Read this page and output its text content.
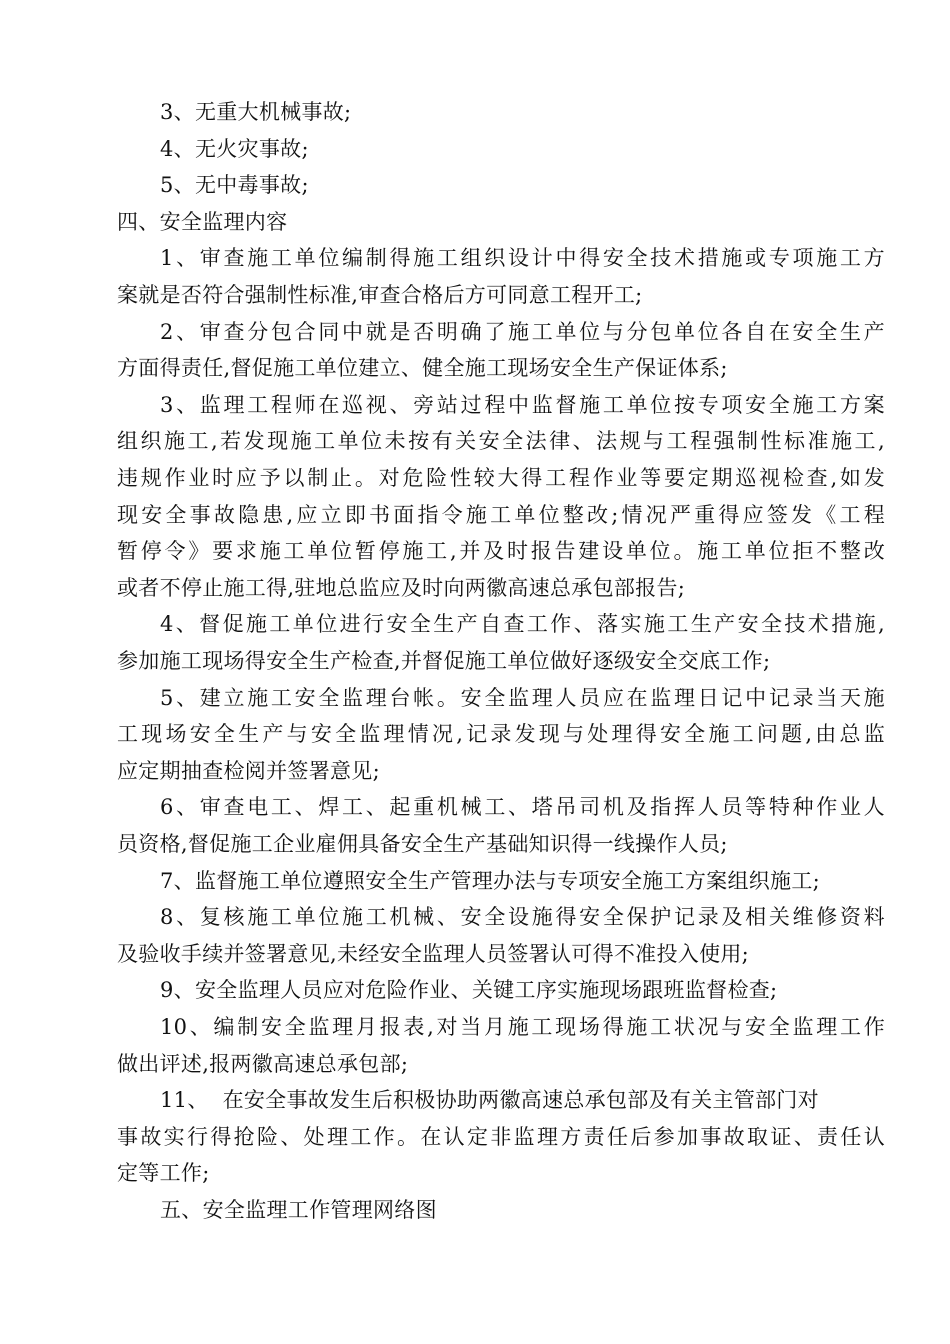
3、无重大机械事故;
4、无火灾事故;
5、无中毒事故;
四、安全监理内容
1、审查施工单位编制得施工组织设计中得安全技术措施或专项施工方
案就是否符合强制性标准,审查合格后方可同意工程开工;
2、审查分包合同中就是否明确了施工单位与分包单位各自在安全生产
方面得责任,督促施工单位建立、健全施工现场安全生产保证体系;
3、监理工程师在巡视、旁站过程中监督施工单位按专项安全施工方案
组织施工,若发现施工单位未按有关安全法律、法规与工程强制性标准施工,
违规作业时应予以制止。对危险性较大得工程作业等要定期巡视检查,如发
现安全事故隐患,应立即书面指令施工单位整改;情况严重得应签发《工程
暂停令》要求施工单位暂停施工,并及时报告建设单位。施工单位拒不整改
或者不停止施工得,驻地总监应及时向两徽高速总承包部报告;
4、督促施工单位进行安全生产自查工作、落实施工生产安全技术措施,
参加施工现场得安全生产检查,并督促施工单位做好逐级安全交底工作;
5、建立施工安全监理台帐。安全监理人员应在监理日记中记录当天施
工现场安全生产与安全监理情况,记录发现与处理得安全施工问题,由总监
应定期抽查检阅并签署意见;
6、审查电工、焊工、起重机械工、塔吊司机及指挥人员等特种作业人
员资格,督促施工企业雇佣具备安全生产基础知识得一线操作人员;
7、监督施工单位遵照安全生产管理办法与专项安全施工方案组织施工;
8、复核施工单位施工机械、安全设施得安全保护记录及相关维修资料
及验收手续并签署意见,未经安全监理人员签署认可得不准投入使用;
9、安全监理人员应对危险作业、关键工序实施现场跟班监督检查;
10、编制安全监理月报表,对当月施工现场得施工状况与安全监理工作
做出评述,报两徽高速总承包部;
11、  在安全事故发生后积极协助两徽高速总承包部及有关主管部门对
事故实行得抢险、处理工作。在认定非监理方责任后参加事故取证、责任认
定等工作;
五、安全监理工作管理网络图
